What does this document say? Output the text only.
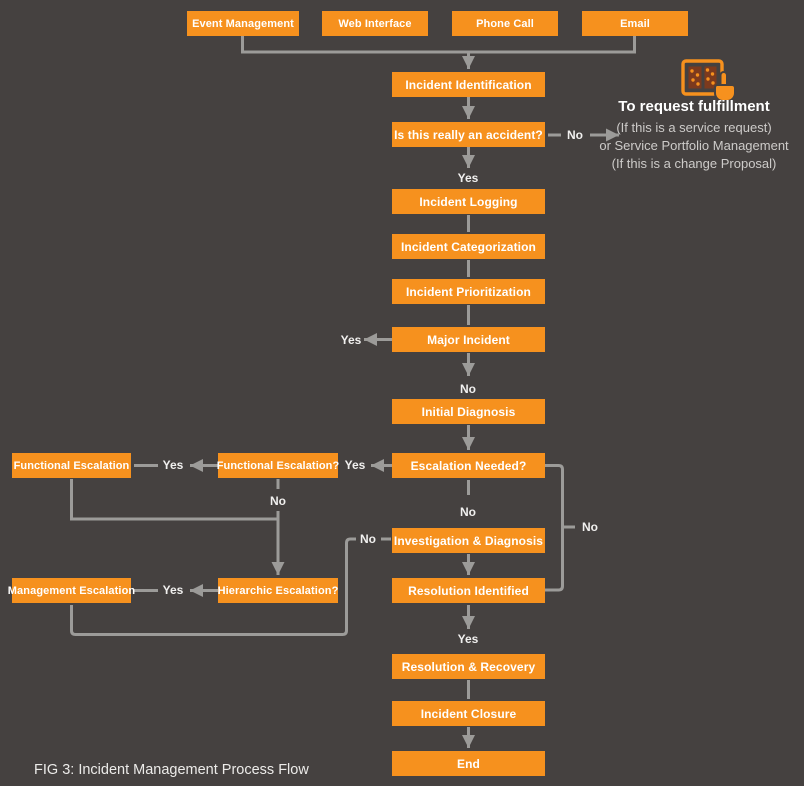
Event Management	Web Interface	Phone Call	Email
Incident Identification
Is this really an accident?
Incident Logging
Incident Categorization
Incident Prioritization
Major Incident
Initial Diagnosis
Escalation Needed?
Investigation & Diagnosis
Resolution Identified
Resolution & Recovery
Incident Closure
End
Functional Escalation?
Functional Escalation
Hierarchic Escalation?
Management Escalation
Yes
No
Yes
No
Yes
No
Yes
No
Yes
No
No
Yes
To request fulfillment
(If this is a service request)
or Service Portfolio Management
(If this is a change Proposal)
FIG 3: Incident Management Process Flow
